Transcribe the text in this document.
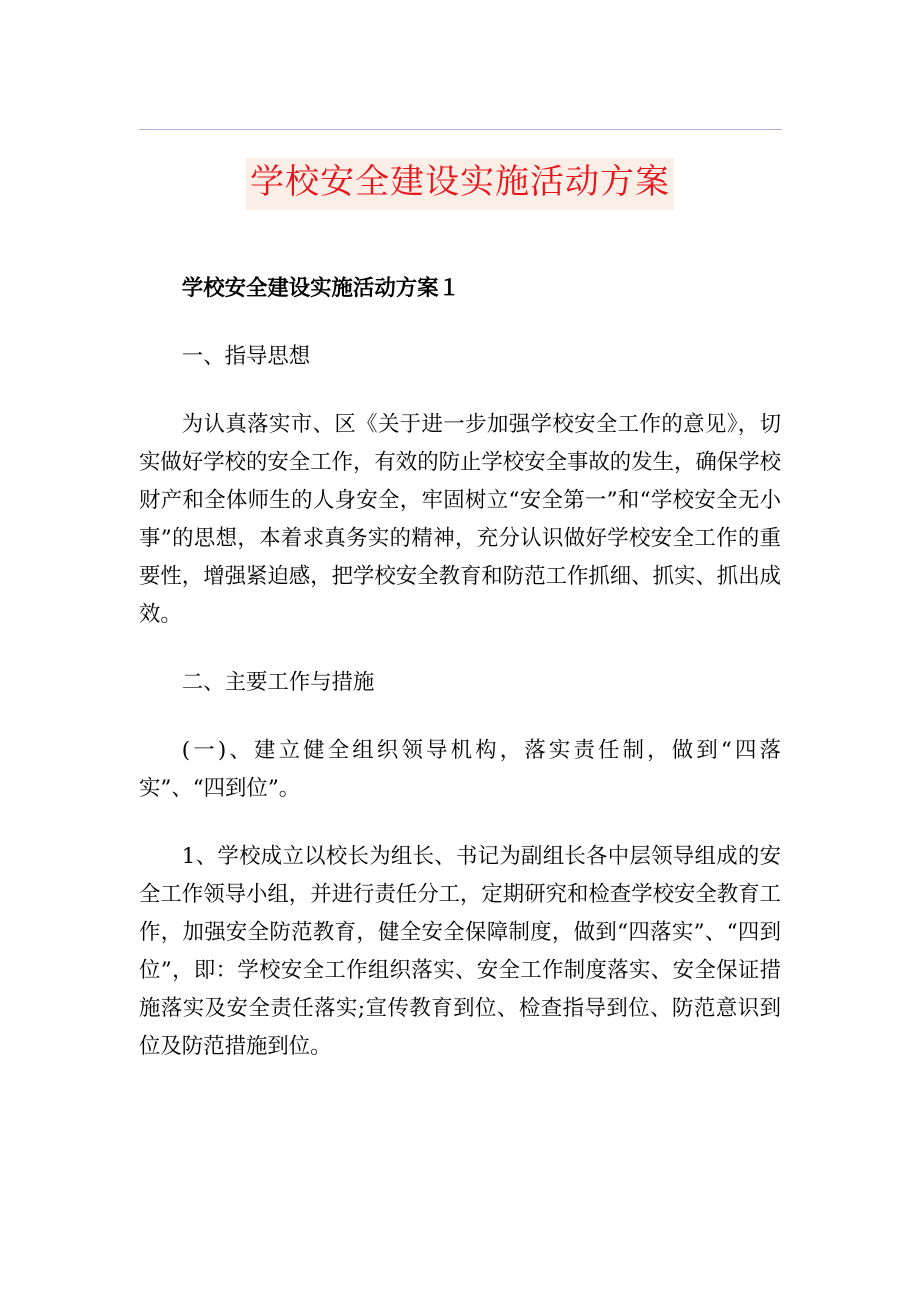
学校安全建设实施活动方案

学校安全建设实施活动方案１

一、指导思想

为认真落实市、区《关于进一步加强学校安全工作的意见》，切实做好学校的安全工作，有效的防止学校安全事故的发生，确保学校财产和全体师生的人身安全，牢固树立“安全第一”和“学校安全无小事”的思想，本着求真务实的精神，充分认识做好学校安全工作的重要性，增强紧迫感，把学校安全教育和防范工作抓细、抓实、抓出成效。

二、主要工作与措施

(一)、建立健全组织领导机构，落实责任制，做到“四落实”、“四到位”。

1、学校成立以校长为组长、书记为副组长各中层领导组成的安全工作领导小组，并进行责任分工，定期研究和检查学校安全教育工作，加强安全防范教育，健全安全保障制度，做到“四落实”、“四到位”，即：学校安全工作组织落实、安全工作制度落实、安全保证措施落实及安全责任落实;宣传教育到位、检查指导到位、防范意识到位及防范措施到位。
